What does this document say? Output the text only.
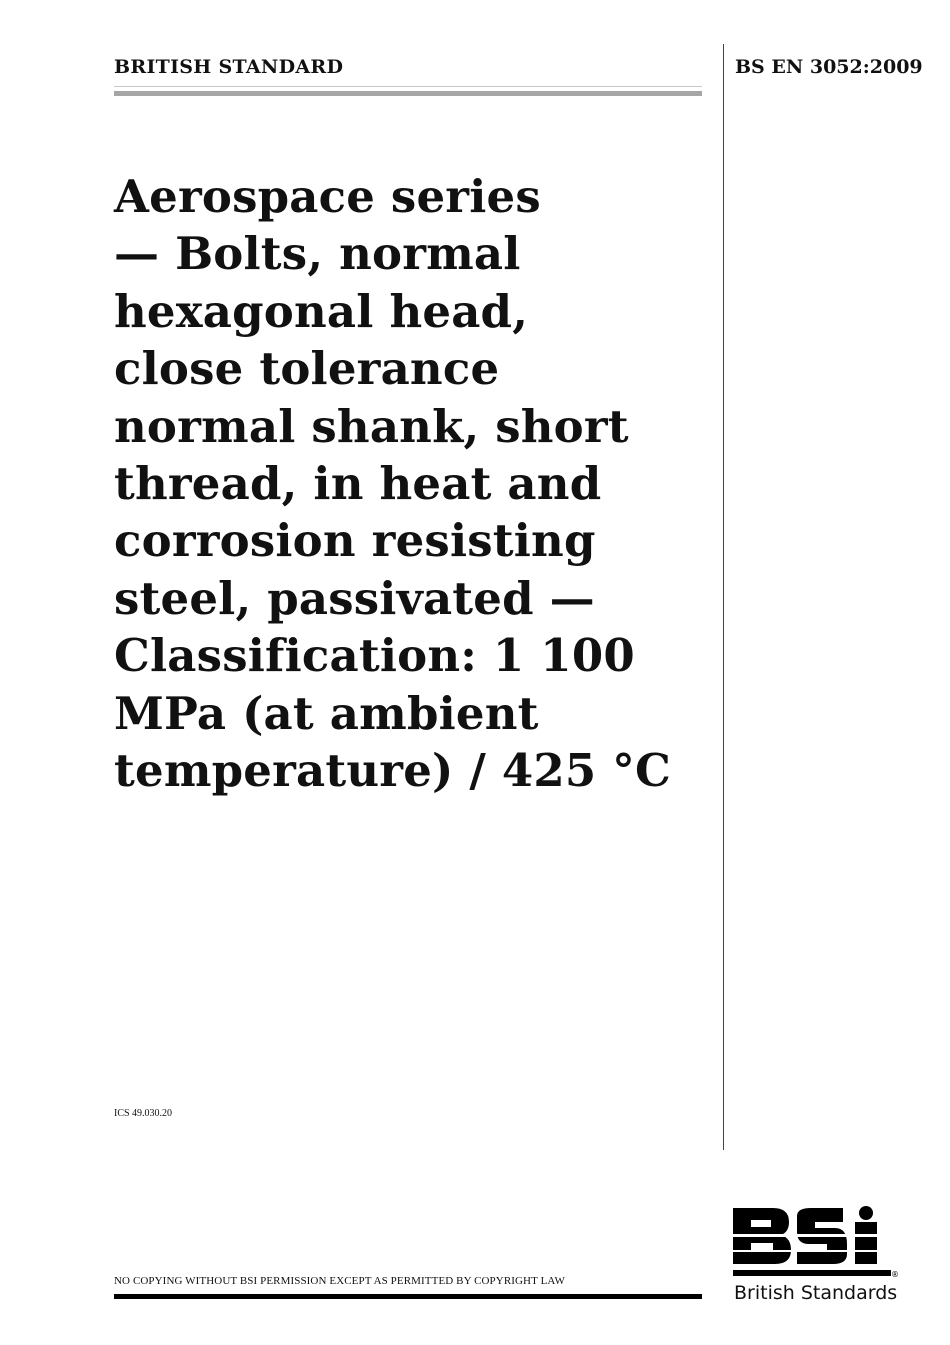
BRITISH STANDARD	BS EN 3052:2009
Aerospace series
— Bolts, normal
hexagonal head,
close tolerance
normal shank, short
thread, in heat and
corrosion resisting
steel, passivated —
Classification: 1 100
MPa (at ambient
temperature) / 425 °C
ICS 49.030.20
NO COPYING WITHOUT BSI PERMISSION EXCEPT AS PERMITTED BY COPYRIGHT LAW
®
British Standards
